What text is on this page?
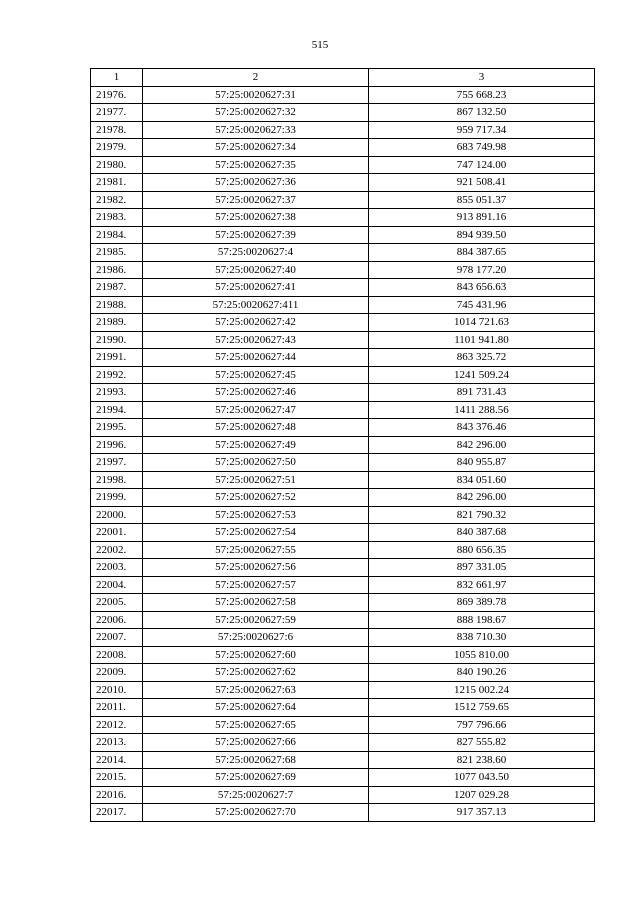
515
1	2	3
21976.	57:25:0020627:31	755 668.23
21977.	57:25:0020627:32	867 132.50
21978.	57:25:0020627:33	959 717.34
21979.	57:25:0020627:34	683 749.98
21980.	57:25:0020627:35	747 124.00
21981.	57:25:0020627:36	921 508.41
21982.	57:25:0020627:37	855 051.37
21983.	57:25:0020627:38	913 891.16
21984.	57:25:0020627:39	894 939.50
21985.	57:25:0020627:4	884 387.65
21986.	57:25:0020627:40	978 177.20
21987.	57:25:0020627:41	843 656.63
21988.	57:25:0020627:411	745 431.96
21989.	57:25:0020627:42	1014 721.63
21990.	57:25:0020627:43	1101 941.80
21991.	57:25:0020627:44	863 325.72
21992.	57:25:0020627:45	1241 509.24
21993.	57:25:0020627:46	891 731.43
21994.	57:25:0020627:47	1411 288.56
21995.	57:25:0020627:48	843 376.46
21996.	57:25:0020627:49	842 296.00
21997.	57:25:0020627:50	840 955.87
21998.	57:25:0020627:51	834 051.60
21999.	57:25:0020627:52	842 296.00
22000.	57:25:0020627:53	821 790.32
22001.	57:25:0020627:54	840 387.68
22002.	57:25:0020627:55	880 656.35
22003.	57:25:0020627:56	897 331.05
22004.	57:25:0020627:57	832 661.97
22005.	57:25:0020627:58	869 389.78
22006.	57:25:0020627:59	888 198.67
22007.	57:25:0020627:6	838 710.30
22008.	57:25:0020627:60	1055 810.00
22009.	57:25:0020627:62	840 190.26
22010.	57:25:0020627:63	1215 002.24
22011.	57:25:0020627:64	1512 759.65
22012.	57:25:0020627:65	797 796.66
22013.	57:25:0020627:66	827 555.82
22014.	57:25:0020627:68	821 238.60
22015.	57:25:0020627:69	1077 043.50
22016.	57:25:0020627:7	1207 029.28
22017.	57:25:0020627:70	917 357.13
